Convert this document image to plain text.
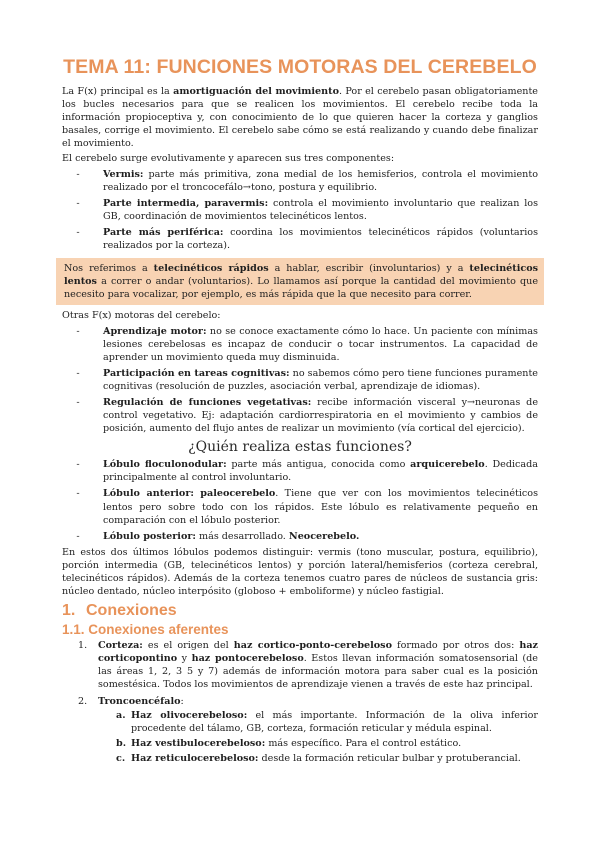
TEMA 11: FUNCIONES MOTORAS DEL CEREBELO

La F(x) principal es la amortiguación del movimiento. Por el cerebelo pasan obligatoriamente los bucles necesarios para que se realicen los movimientos. El cerebelo recibe toda la información propioceptiva y, con conocimiento de lo que quieren hacer la corteza y ganglios basales, corrige el movimiento. El cerebelo sabe cómo se está realizando y cuando debe finalizar el movimiento.

El cerebelo surge evolutivamente y aparecen sus tres componentes:

- -	Vermis: parte más primitiva, zona medial de los hemisferios, controla el movimiento realizado por el troncocefálo→tono, postura y equilibrio.
- -	Parte intermedia, paravermis: controla el movimiento involuntario que realizan los GB, coordinación de movimientos telecinéticos lentos.
- -	Parte más periférica: coordina los movimientos telecinéticos rápidos (voluntarios realizados por la corteza).

Nos referimos a telecinéticos rápidos a hablar, escribir (involuntarios) y a telecinéticos lentos a correr o andar (voluntarios). Lo llamamos así porque la cantidad del movimiento que necesito para vocalizar, por ejemplo, es más rápida que la que necesito para correr.

Otras F(x) motoras del cerebelo:

- -	Aprendizaje motor: no se conoce exactamente cómo lo hace. Un paciente con mínimas lesiones cerebelosas es incapaz de conducir o tocar instrumentos. La capacidad de aprender un movimiento queda muy disminuida.
- -	Participación en tareas cognitivas: no sabemos cómo pero tiene funciones puramente cognitivas (resolución de puzzles, asociación verbal, aprendizaje de idiomas).
- -	Regulación de funciones vegetativas: recibe información visceral y→neuronas de control vegetativo. Ej: adaptación cardiorrespiratoria en el movimiento y cambios de posición, aumento del flujo antes de realizar un movimiento (vía cortical del ejercicio).
¿Quién realiza estas funciones?
- -	Lóbulo floculonodular: parte más antigua, conocida como arquicerebelo. Dedicada principalmente al control involuntario.
- -	Lóbulo anterior: paleocerebelo. Tiene que ver con los movimientos telecinéticos lentos pero sobre todo con los rápidos. Este lóbulo es relativamente pequeño en comparación con el lóbulo posterior.
- -	Lóbulo posterior: más desarrollado. Neocerebelo.

En estos dos últimos lóbulos podemos distinguir: vermis (tono muscular, postura, equilibrio), porción intermedia (GB, telecinéticos lentos) y porción lateral/hemisferios (corteza cerebral, telecinéticos rápidos). Además de la corteza tenemos cuatro pares de núcleos de sustancia gris: núcleo dentado, núcleo interpósito (globoso + emboliforme) y núcleo fastigial.

1. Conexiones
1.1. Conexiones aferentes
1. Corteza: es el origen del haz cortico-ponto-cerebeloso formado por otros dos: haz corticopontino y haz pontocerebeloso. Estos llevan información somatosensorial (de las áreas 1, 2, 3 5 y 7) además de información motora para saber cual es la posición somestésica. Todos los movimientos de aprendizaje vienen a través de este haz principal.

2. Troncoencéfalo:

a. Haz olivocerebeloso: el más importante. Información de la oliva inferior procedente del tálamo, GB, corteza, formación reticular y médula espinal.
b. Haz vestibulocerebeloso: más específico. Para el control estático.
c. Haz reticulocerebeloso: desde la formación reticular bulbar y protuberancial.
